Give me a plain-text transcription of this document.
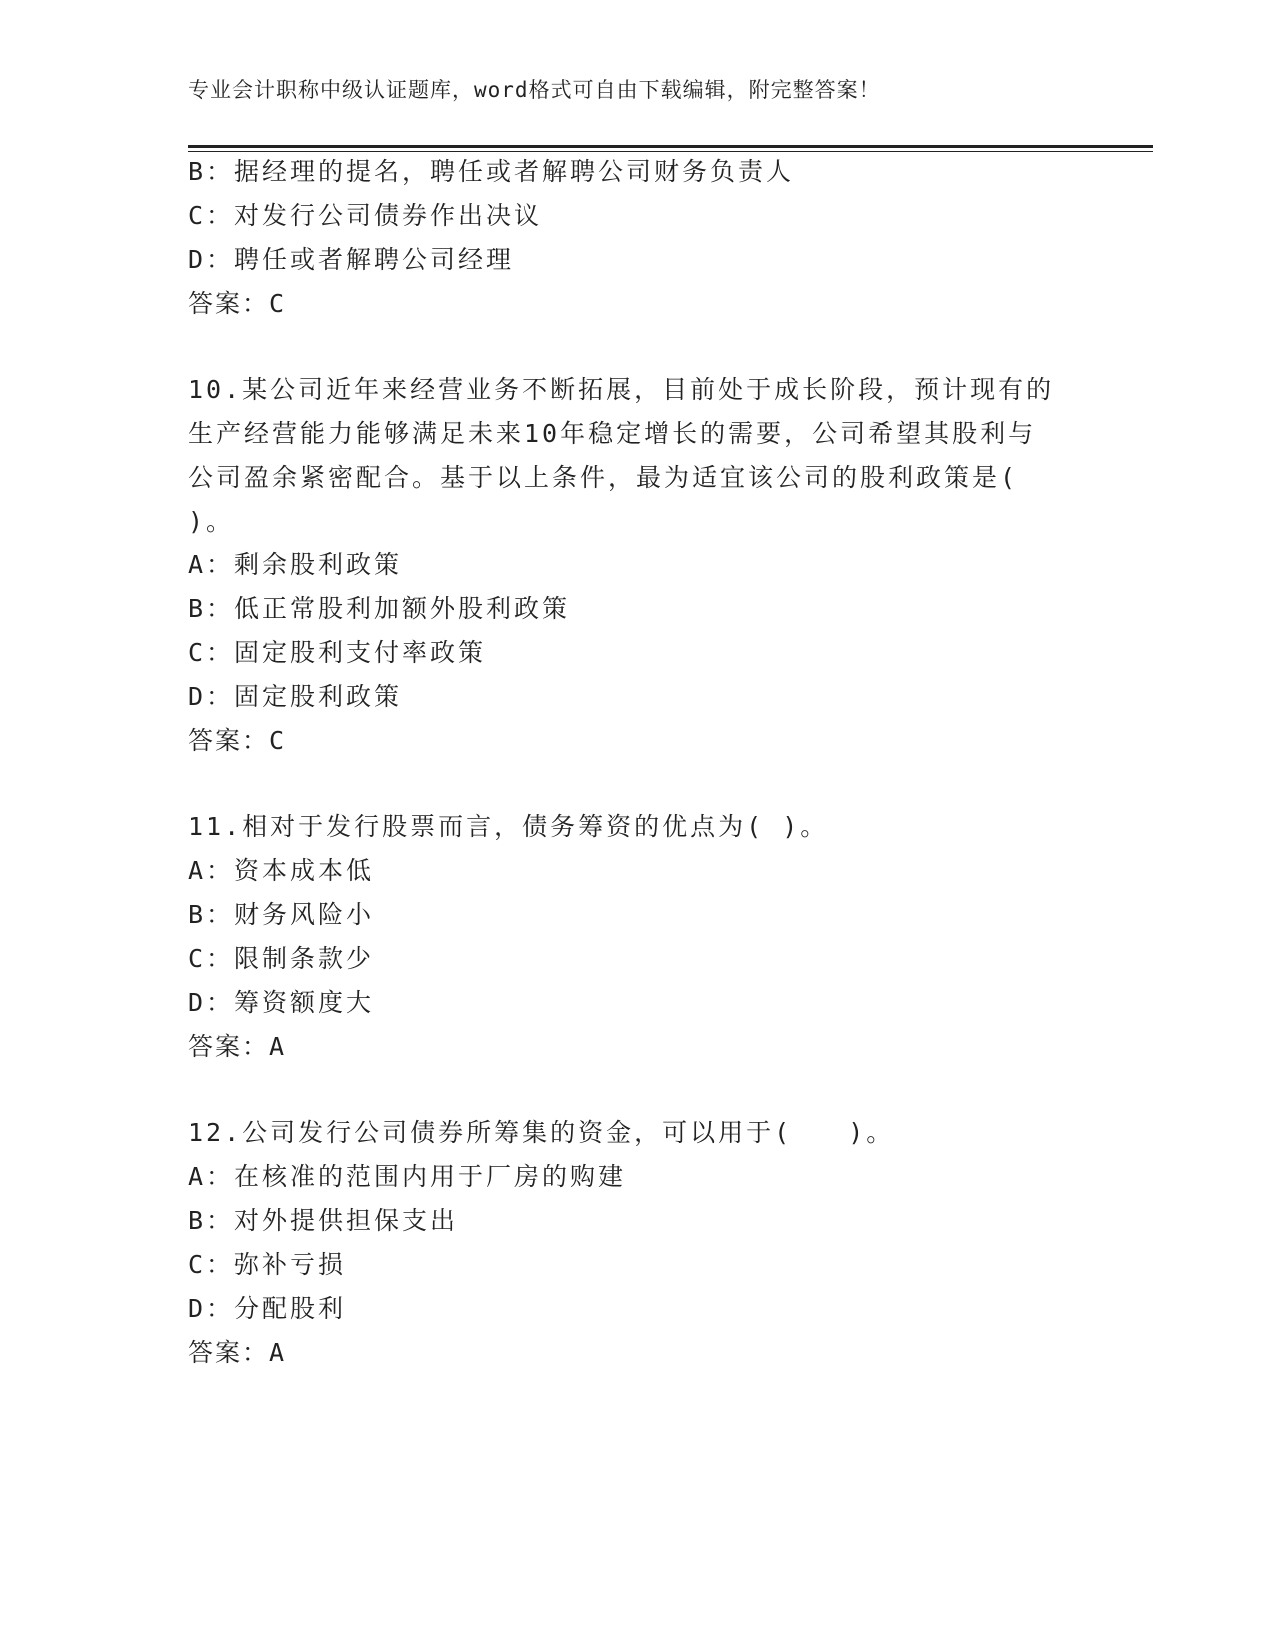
专业会计职称中级认证题库，word格式可自由下载编辑，附完整答案！
B：据经理的提名，聘任或者解聘公司财务负责人
C：对发行公司债券作出决议
D：聘任或者解聘公司经理
答案：C
10.某公司近年来经营业务不断拓展，目前处于成长阶段，预计现有的
生产经营能力能够满足未来10年稳定增长的需要，公司希望其股利与
公司盈余紧密配合。基于以上条件，最为适宜该公司的股利政策是(
)。
A：剩余股利政策
B：低正常股利加额外股利政策
C：固定股利支付率政策
D：固定股利政策
答案：C
11.相对于发行股票而言，债务筹资的优点为( )。
A：资本成本低
B：财务风险小
C：限制条款少
D：筹资额度大
答案：A
12.公司发行公司债券所筹集的资金，可以用于(　　)。
A：在核准的范围内用于厂房的购建
B：对外提供担保支出
C：弥补亏损
D：分配股利
答案：A
